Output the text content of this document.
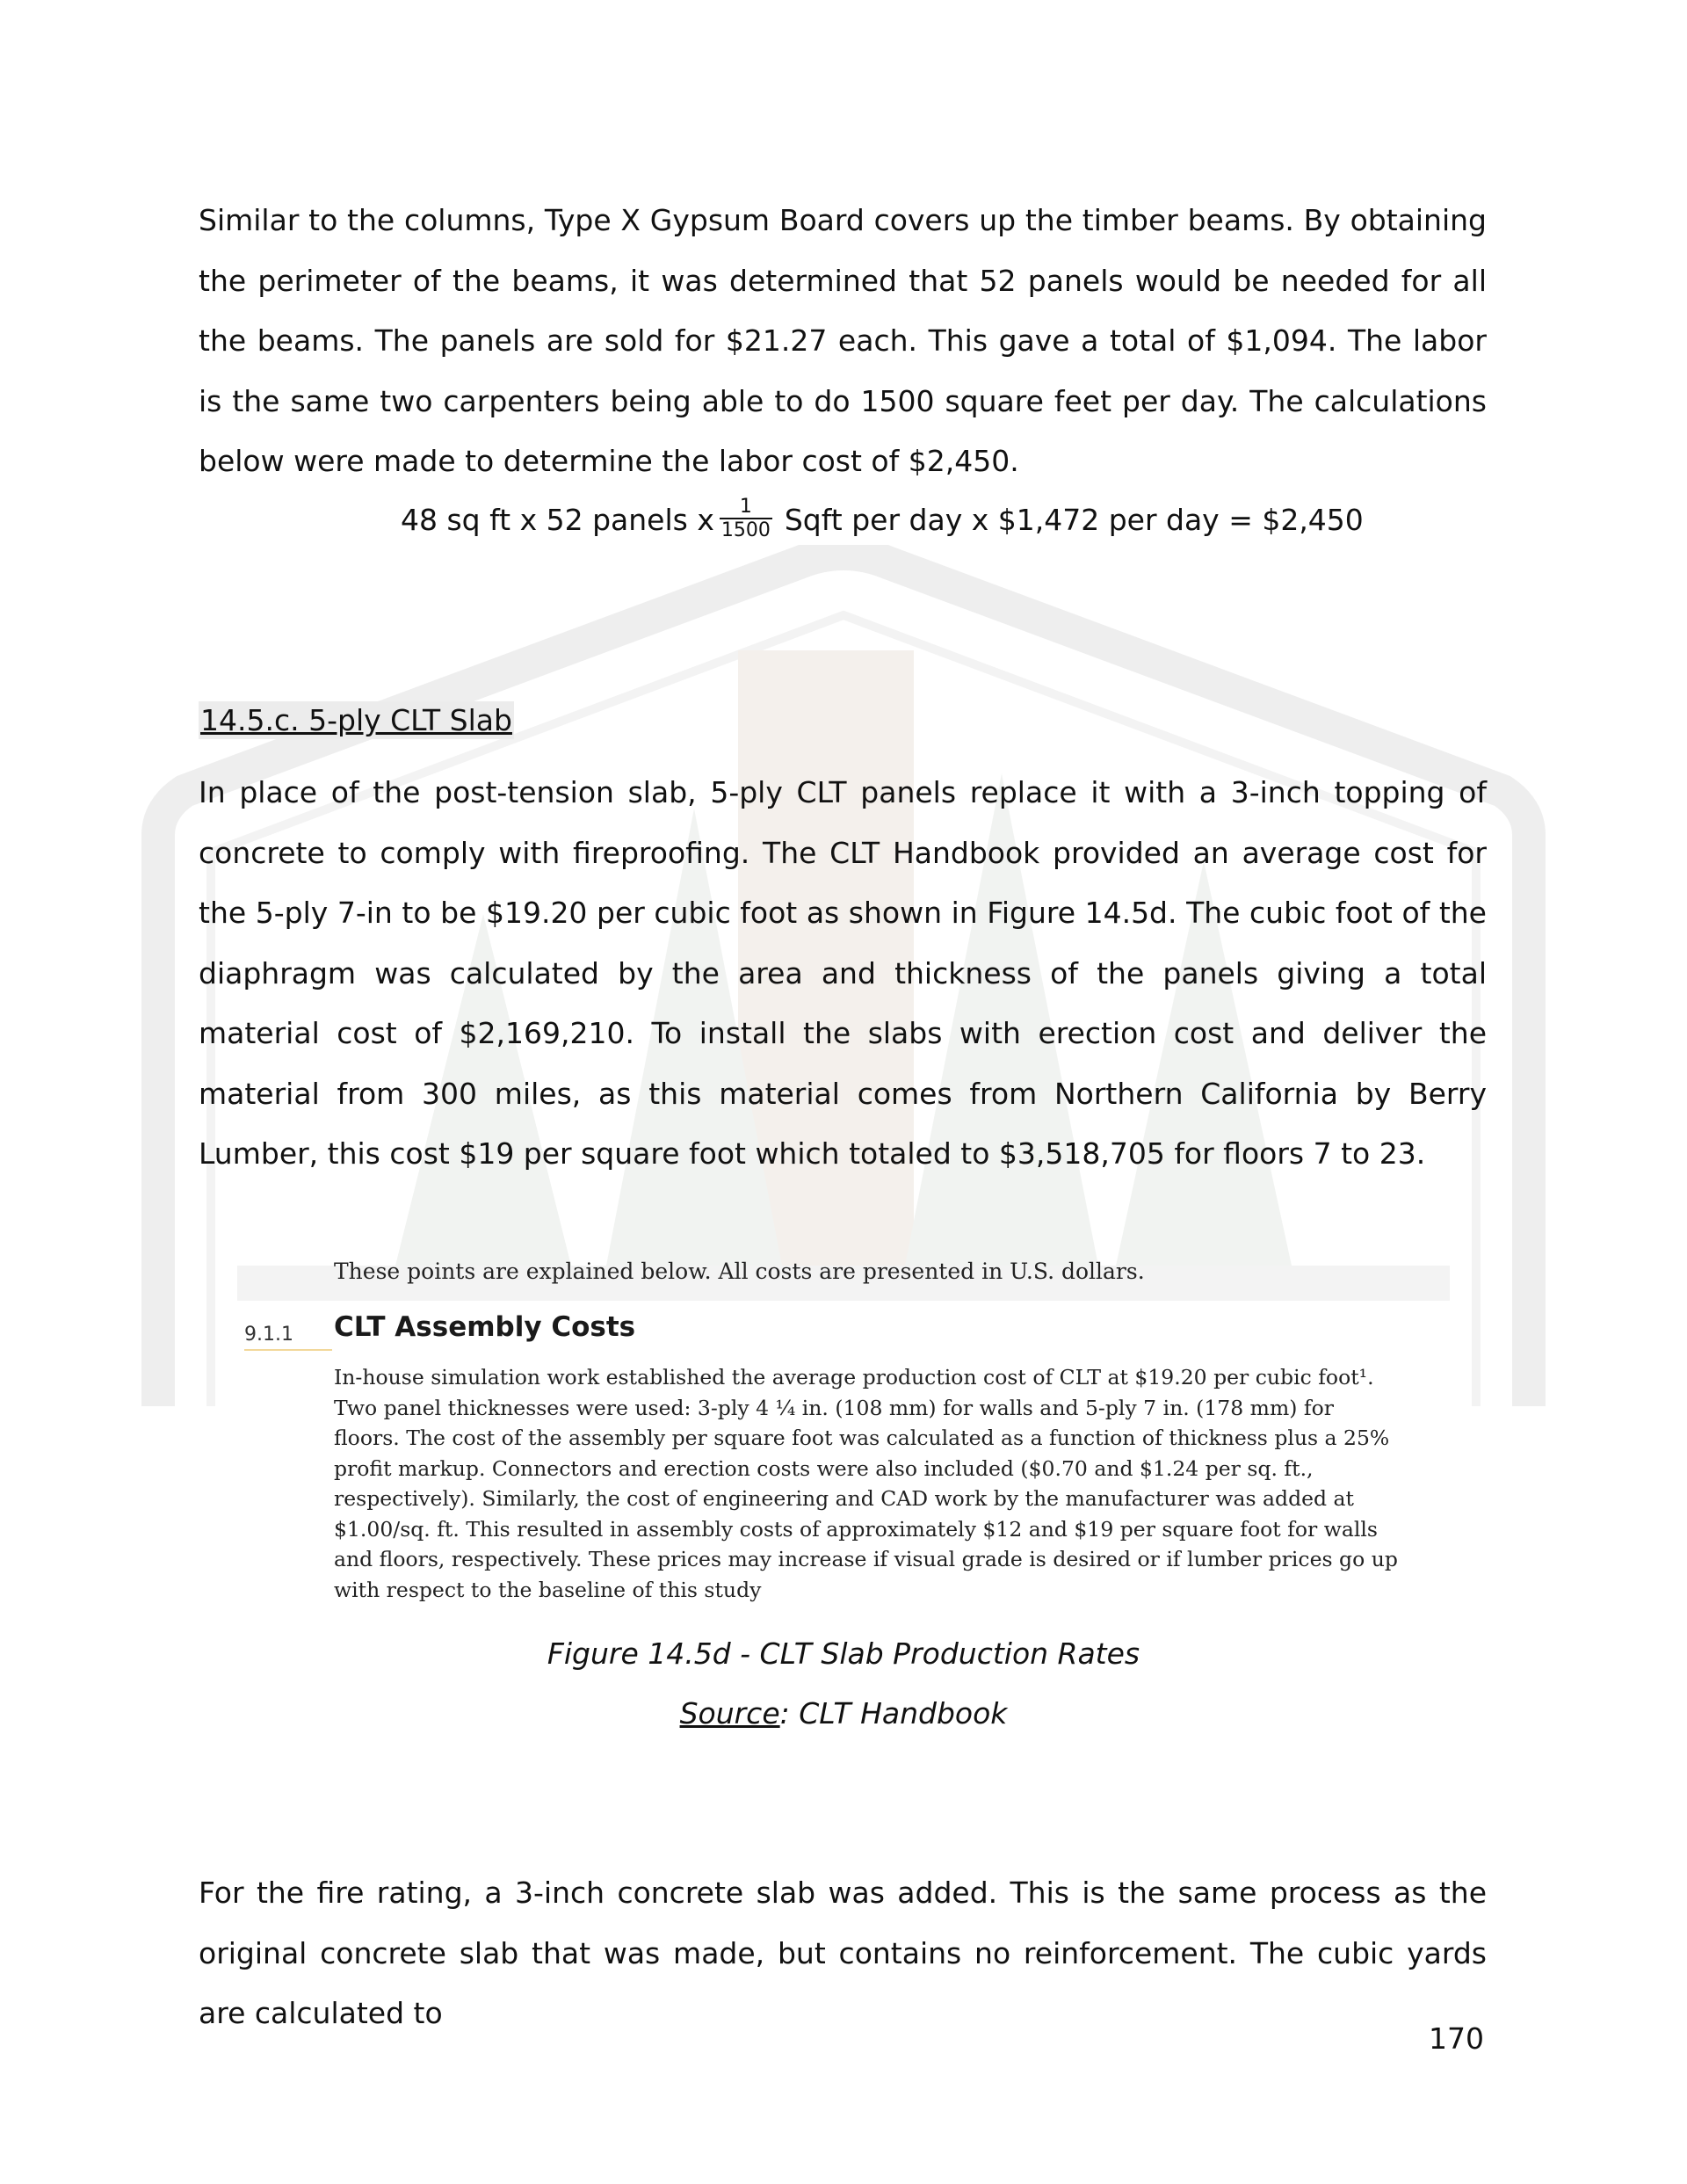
Similar to the columns, Type X Gypsum Board covers up the timber beams. By obtaining the perimeter of the beams, it was determined that 52 panels would be needed for all the beams. The panels are sold for $21.27 each. This gave a total of $1,094. The labor is the same two carpenters being able to do 1500 square feet per day. The calculations below were made to determine the labor cost of $2,450.

48 sq ft x 52 panels x $\frac{1}{1500}$ Sqft per day x $1,472 per day = $2,450

14.5.c. 5-ply CLT Slab

In place of the post-tension slab, 5-ply CLT panels replace it with a 3-inch topping of concrete to comply with fireproofing. The CLT Handbook provided an average cost for the 5-ply 7-in to be $19.20 per cubic foot as shown in Figure 14.5d. The cubic foot of the diaphragm was calculated by the area and thickness of the panels giving a total material cost of $2,169,210. To install the slabs with erection cost and deliver the material from 300 miles, as this material comes from Northern California by Berry Lumber, this cost $19 per square foot which totaled to $3,518,705 for floors 7 to 23.

These points are explained below. All costs are presented in U.S. dollars.
9.1.1	CLT Assembly Costs

In-house simulation work established the average production cost of CLT at $19.20 per cubic foot¹. Two panel thicknesses were used: 3-ply 4 ¼ in. (108 mm) for walls and 5-ply 7 in. (178 mm) for floors. The cost of the assembly per square foot was calculated as a function of thickness plus a 25% profit markup. Connectors and erection costs were also included ($0.70 and $1.24 per sq. ft., respectively). Similarly, the cost of engineering and CAD work by the manufacturer was added at $1.00/sq. ft. This resulted in assembly costs of approximately $12 and $19 per square foot for walls and floors, respectively. These prices may increase if visual grade is desired or if lumber prices go up with respect to the baseline of this study

Figure 14.5d - CLT Slab Production Rates
Source: CLT Handbook

For the fire rating, a 3-inch concrete slab was added. This is the same process as the original concrete slab that was made, but contains no reinforcement. The cubic yards are calculated to

170
